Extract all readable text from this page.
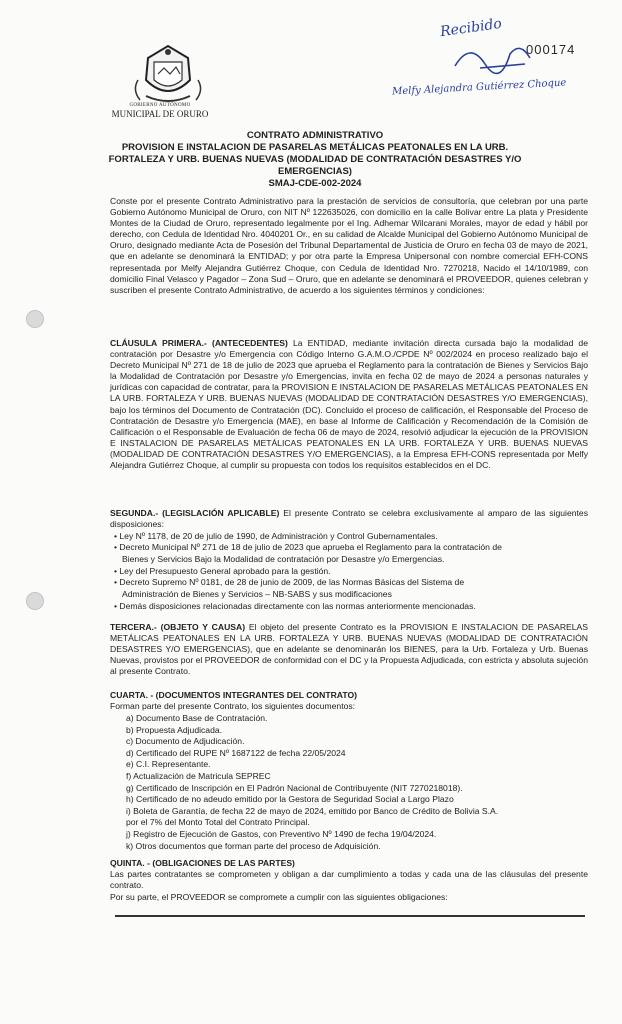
GOBIERNO AUTÓNOMO
MUNICIPAL DE ORURO
Recibido
000174
Melfy Alejandra Gutiérrez Choque
CONTRATO ADMINISTRATIVO
PROVISION E INSTALACION DE PASARELAS METÁLICAS PEATONALES EN LA URB.
FORTALEZA Y URB. BUENAS NUEVAS (MODALIDAD DE CONTRATACIÓN DESASTRES Y/O
EMERGENCIAS)
SMAJ-CDE-002-2024
Conste por el presente Contrato Administrativo para la prestación de servicios de consultoría, que celebran por una parte Gobierno Autónomo Municipal de Oruro, con NIT Nº 122635026, con domicilio en la calle Bolivar entre La plata y Presidente Montes de la Ciudad de Oruro, representado legalmente por el Ing. Adhemar Wilcarani Morales, mayor de edad y hábil por derecho, con Cedula de Identidad Nro. 4040201 Or., en su calidad de Alcalde Municipal del Gobierno Autónomo Municipal de Oruro, designado mediante Acta de Posesión del Tribunal Departamental de Justicia de Oruro en fecha 03 de mayo de 2021, que en adelante se denominará la ENTIDAD; y por otra parte la Empresa Unipersonal con nombre comercial EFH-CONS representada por Melfy Alejandra Gutiérrez Choque, con Cedula de Identidad Nro. 7270218, Nacido el 14/10/1989, con domicilio Final Velasco y Pagador – Zona Sud – Oruro, que en adelante se denominará el PROVEEDOR, quienes celebran y suscriben el presente Contrato Administrativo, de acuerdo a los siguientes términos y condiciones:
CLÁUSULA PRIMERA.- (ANTECEDENTES) La ENTIDAD, mediante invitación directa cursada bajo la modalidad de contratación por Desastre y/o Emergencia con Código Interno G.A.M.O./CPDE Nº 002/2024 en proceso realizado bajo el Decreto Municipal Nº 271 de 18 de julio de 2023 que aprueba el Reglamento para la contratación de Bienes y Servicios Bajo la Modalidad de Contratación por Desastre y/o Emergencias, invita en fecha 02 de mayo de 2024 a personas naturales y jurídicas con capacidad de contratar, para la PROVISION E INSTALACION DE PASARELAS METÁLICAS PEATONALES EN LA URB. FORTALEZA Y URB. BUENAS NUEVAS (MODALIDAD DE CONTRATACIÓN DESASTRES Y/O EMERGENCIAS), bajo los términos del Documento de Contratación (DC). Concluido el proceso de calificación, el Responsable del Proceso de Contratación de Desastre y/o Emergencia (MAE), en base al Informe de Calificación y Recomendación de la Comisión de Calificación o el Responsable de Evaluación de fecha 06 de mayo de 2024, resolvió adjudicar la ejecución de la PROVISION E INSTALACION DE PASARELAS METÁLICAS PEATONALES EN LA URB. FORTALEZA Y URB. BUENAS NUEVAS (MODALIDAD DE CONTRATACIÓN DESASTRES Y/O EMERGENCIAS), a la Empresa EFH-CONS representada por Melfy Alejandra Gutiérrez Choque, al cumplir su propuesta con todos los requisitos establecidos en el DC.
SEGUNDA.- (LEGISLACIÓN APLICABLE) El presente Contrato se celebra exclusivamente al amparo de las siguientes disposiciones:
• Ley Nº 1178, de 20 de julio de 1990, de Administración y Control Gubernamentales.
• Decreto Municipal Nº 271 de 18 de julio de 2023 que aprueba el Reglamento para la contratación de
Bienes y Servicios Bajo la Modalidad de contratación por Desastre y/o Emergencias.
• Ley del Presupuesto General aprobado para la gestión.
• Decreto Supremo Nº 0181, de 28 de junio de 2009, de las Normas Básicas del Sistema de
Administración de Bienes y Servicios – NB-SABS y sus modificaciones
• Demás disposiciones relacionadas directamente con las normas anteriormente mencionadas.
TERCERA.- (OBJETO Y CAUSA) El objeto del presente Contrato es la PROVISION E INSTALACION DE PASARELAS METÁLICAS PEATONALES EN LA URB. FORTALEZA Y URB. BUENAS NUEVAS (MODALIDAD DE CONTRATACIÓN DESASTRES Y/O EMERGENCIAS), que en adelante se denominarán los BIENES, para la Urb. Fortaleza y Urb. Buenas Nuevas, provistos por el PROVEEDOR de conformidad con el DC y la Propuesta Adjudicada, con estricta y absoluta sujeción al presente Contrato.
CUARTA. - (DOCUMENTOS INTEGRANTES DEL CONTRATO)
Forman parte del presente Contrato, los siguientes documentos:
a) Documento Base de Contratación.
b) Propuesta Adjudicada.
c) Documento de Adjudicación.
d) Certificado del RUPE Nº 1687122 de fecha 22/05/2024
e) C.I. Representante.
f) Actualización de Matricula SEPREC
g) Certificado de Inscripción en El Padrón Nacional de Contribuyente (NIT 7270218018).
h) Certificado de no adeudo emitido por la Gestora de Seguridad Social a Largo Plazo
i) Boleta de Garantía, de fecha 22 de mayo de 2024, emitido por Banco de Crédito de Bolivia S.A.
por el 7% del Monto Total del Contrato Principal.
j) Registro de Ejecución de Gastos, con Preventivo Nº 1490 de fecha 19/04/2024.
k) Otros documentos que forman parte del proceso de Adquisición.
QUINTA. - (OBLIGACIONES DE LAS PARTES)
Las partes contratantes se comprometen y obligan a dar cumplimiento a todas y cada una de las cláusulas del presente contrato.
Por su parte, el PROVEEDOR se compromete a cumplir con las siguientes obligaciones:
